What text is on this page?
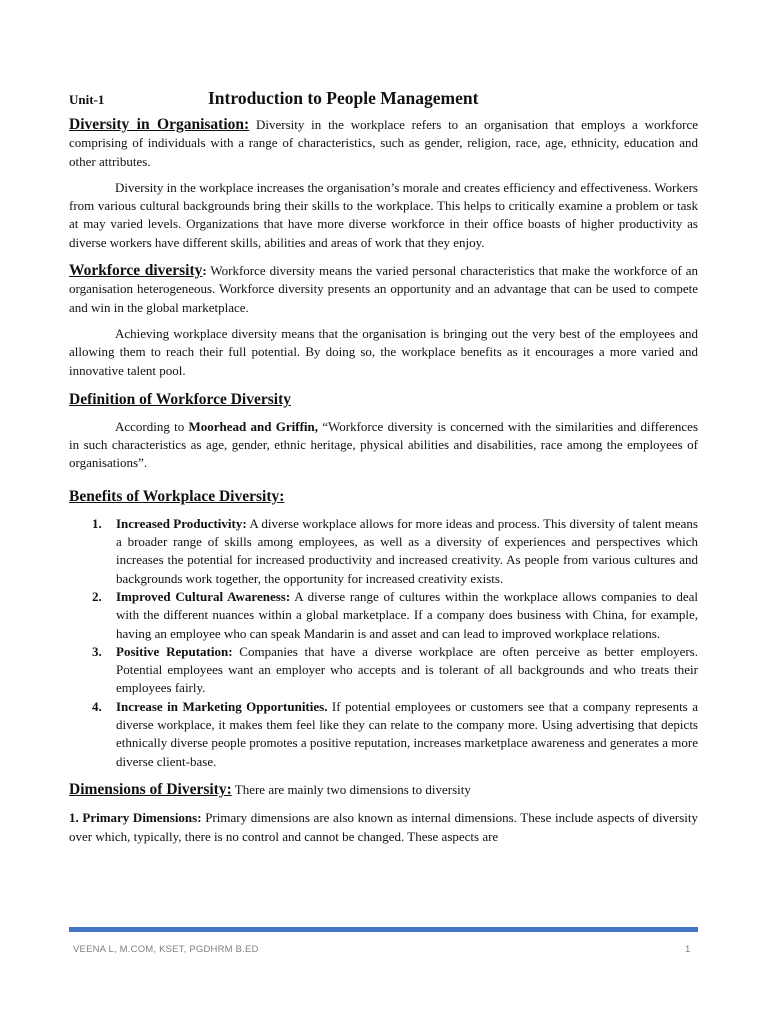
Unit-1	Introduction to People Management

Diversity in Organisation: Diversity in the workplace refers to an organisation that employs a workforce comprising of individuals with a range of characteristics, such as gender, religion, race, age, ethnicity, education and other attributes.

Diversity in the workplace increases the organisation’s morale and creates efficiency and effectiveness. Workers from various cultural backgrounds bring their skills to the workplace. This helps to critically examine a problem or task at may varied levels. Organizations that have more diverse workforce in their office boasts of higher productivity as diverse workers have different skills, abilities and areas of work that they enjoy.

Workforce diversity: Workforce diversity means the varied personal characteristics that make the workforce of an organisation heterogeneous. Workforce diversity presents an opportunity and an advantage that can be used to compete and win in the global marketplace.

Achieving workplace diversity means that the organisation is bringing out the very best of the employees and allowing them to reach their full potential. By doing so, the workplace benefits as it encourages a more varied and innovative talent pool.

Definition of Workforce Diversity

According to Moorhead and Griffin, “Workforce diversity is concerned with the similarities and differences in such characteristics as age, gender, ethnic heritage, physical abilities and disabilities, race among the employees of organisations”.

Benefits of Workplace Diversity:
1. Increased Productivity: A diverse workplace allows for more ideas and process. This diversity of talent means a broader range of skills among employees, as well as a diversity of experiences and perspectives which increases the potential for increased productivity and increased creativity. As people from various cultures and backgrounds work together, the opportunity for increased creativity exists.
2. Improved Cultural Awareness: A diverse range of cultures within the workplace allows companies to deal with the different nuances within a global marketplace. If a company does business with China, for example, having an employee who can speak Mandarin is and asset and can lead to improved workplace relations.
3. Positive Reputation: Companies that have a diverse workplace are often perceive as better employers. Potential employees want an employer who accepts and is tolerant of all backgrounds and who treats their employees fairly.
4. Increase in Marketing Opportunities. If potential employees or customers see that a company represents a diverse workplace, it makes them feel like they can relate to the company more. Using advertising that depicts ethnically diverse people promotes a positive reputation, increases marketplace awareness and generates a more diverse client-base.

Dimensions of Diversity: There are mainly two dimensions to diversity

1. Primary Dimensions: Primary dimensions are also known as internal dimensions. These include aspects of diversity over which, typically, there is no control and cannot be changed. These aspects are

VEENA L, M.COM, KSET, PGDHRM B.ED	1
